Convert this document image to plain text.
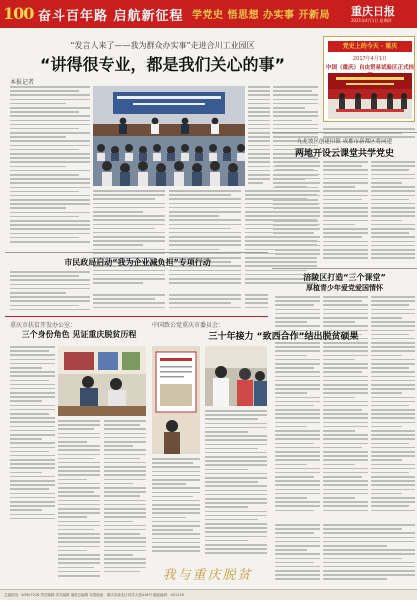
100 奋斗百年路 启航新征程 学党史 悟思想 办实事 开新局 重庆日报
2021年4月1日 星期四
“发言人来了——我为群众办实事”走进合川工业园区
“讲得很专业，都是我们关心的事”
本报记者
党史上的今天 · 重庆
2017年4月1日
中国（重庆）自由贸易试验区正式挂
九龙坡区创建旧镇 成都市新都区将同建
两地开设云课堂共学党史
市民政局启动“我为企业减负担”专项行动
涪陵区打造“三个课堂”
厚植青少年爱党爱国情怀
重庆市扶贫开发办公室：
三个身份角色 见证重庆脱贫历程
中国致公党重庆市委员会：
三十年接力 “致西合作”结出脱贫硕果
我与重庆脱贫
主编热线：63907226 责任编辑 美术编辑 值班总编辑 本报地址：重庆市渝北区同茂大道416号 邮政编码：401120
